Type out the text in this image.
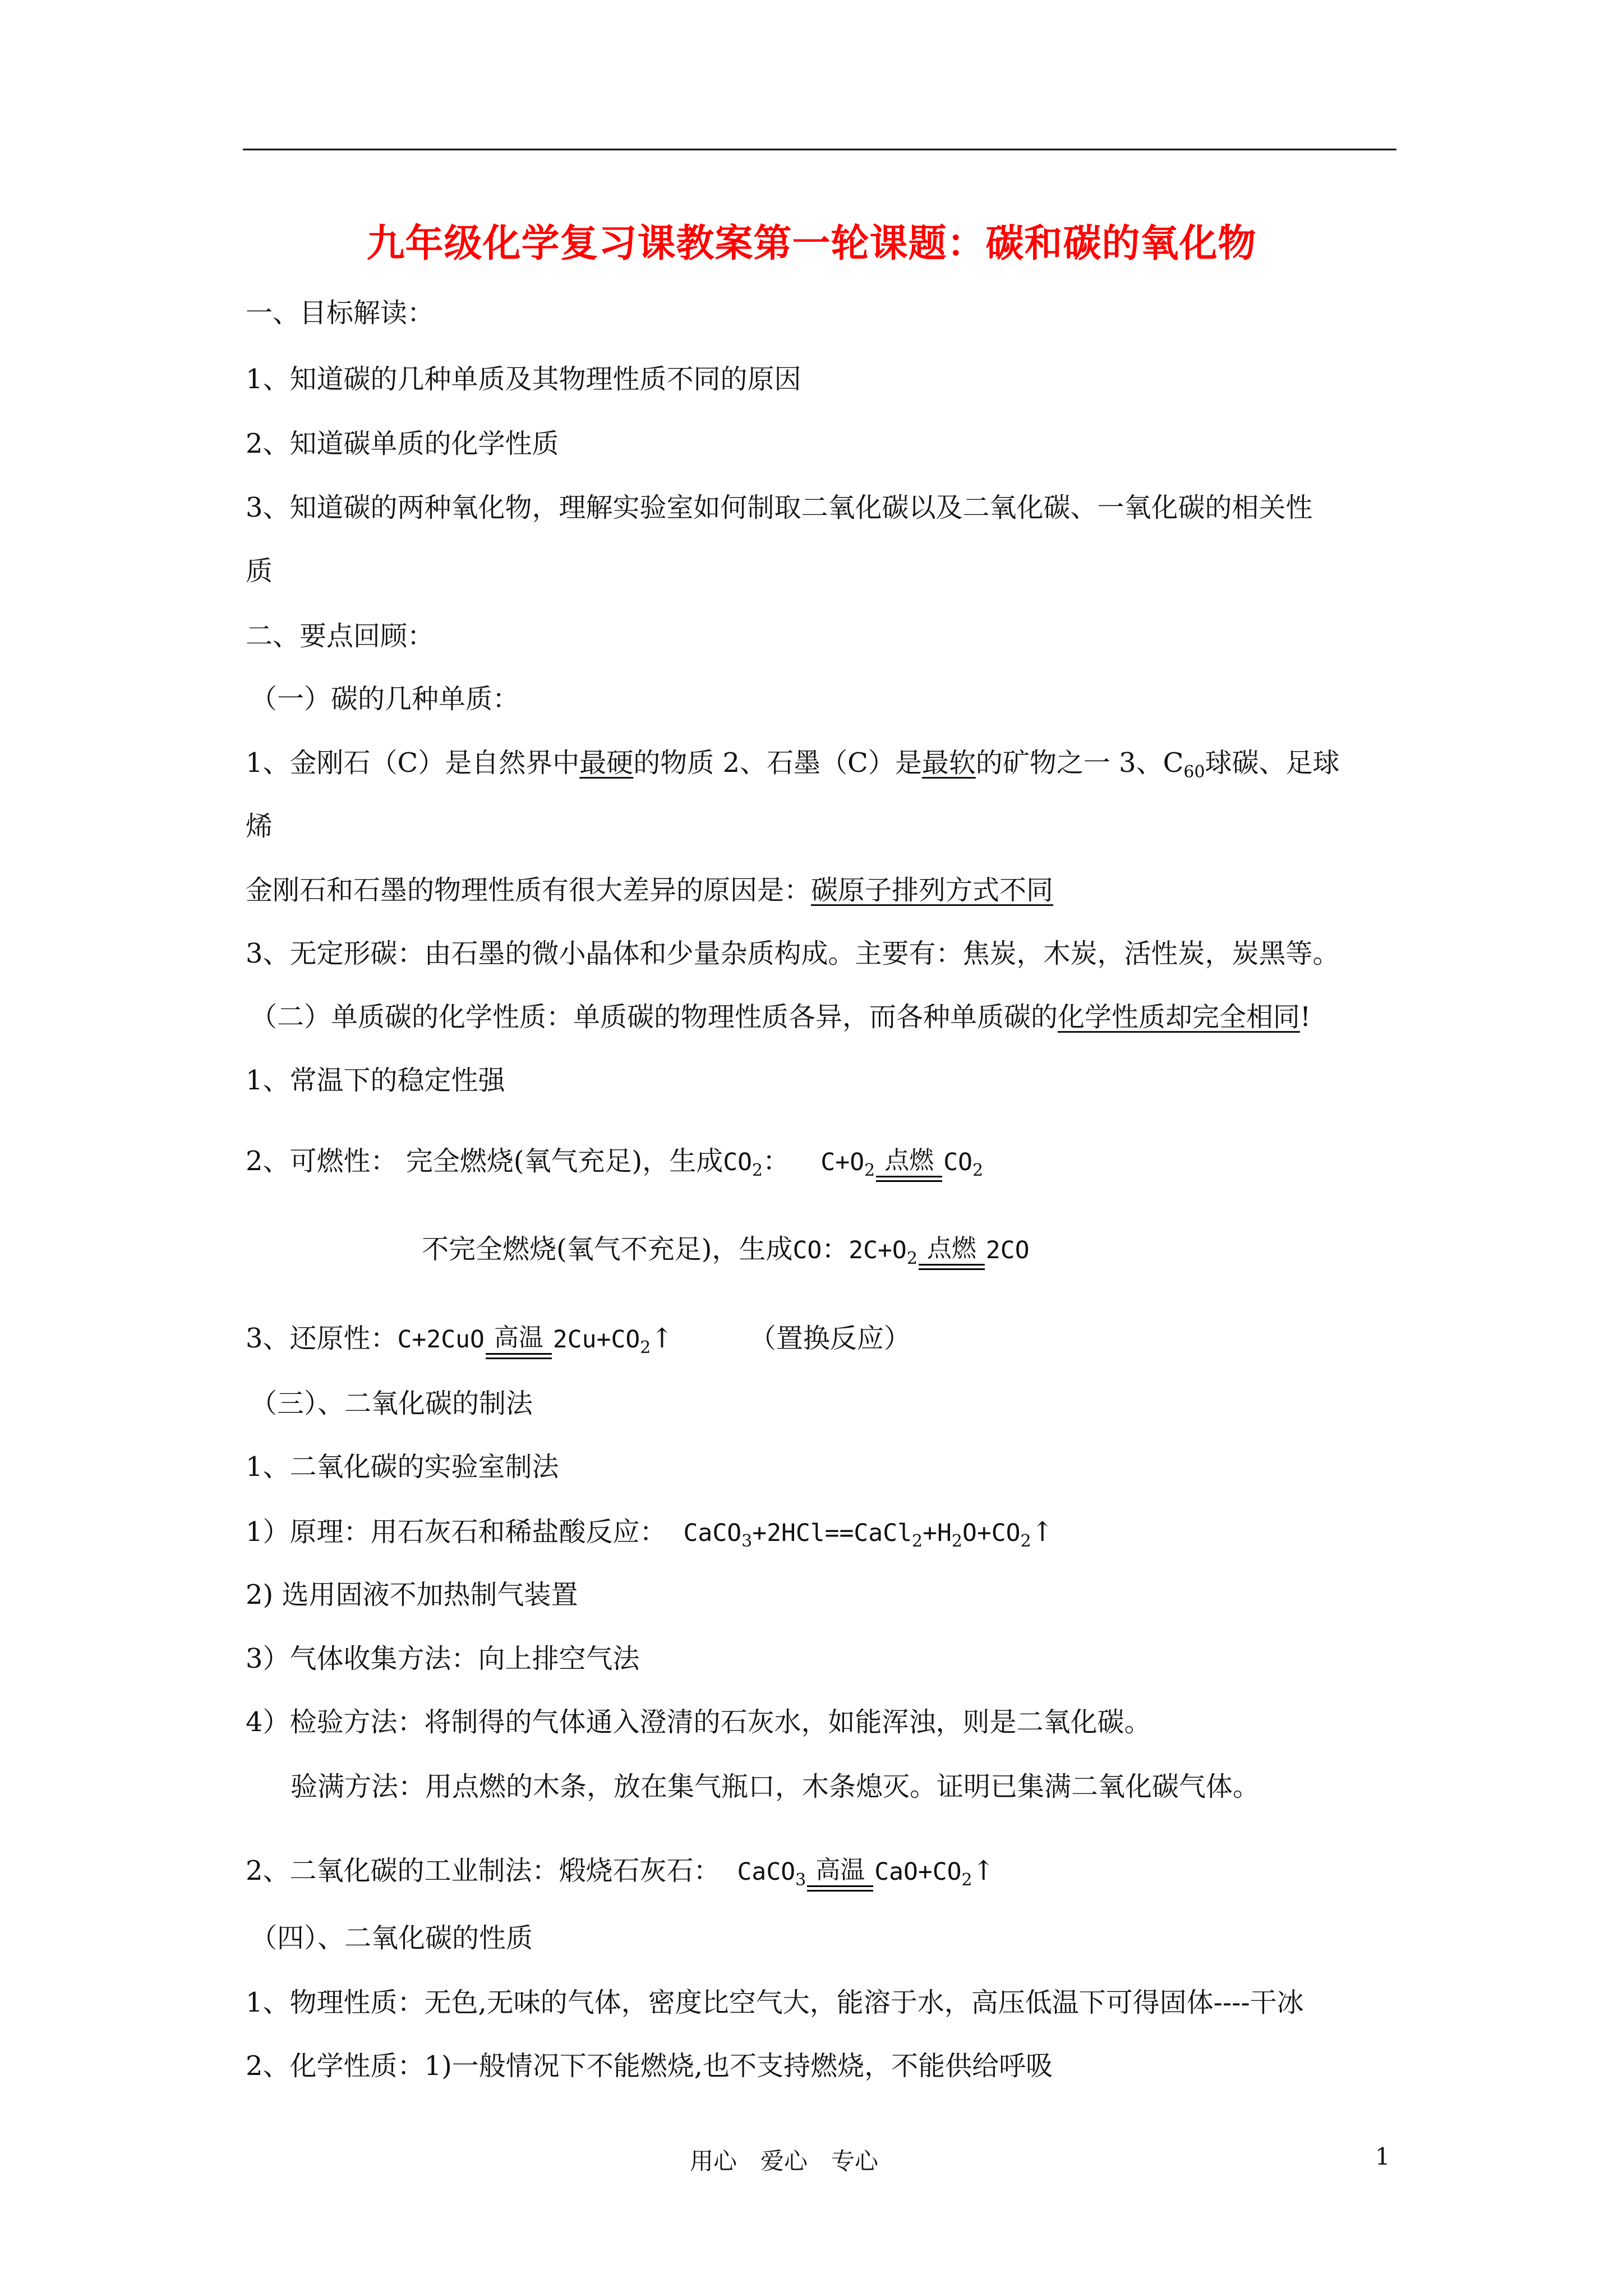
九年级化学复习课教案第一轮课题：碳和碳的氧化物
一、目标解读：
1、知道碳的几种单质及其物理性质不同的原因
2、知道碳单质的化学性质
3、知道碳的两种氧化物，理解实验室如何制取二氧化碳以及二氧化碳、一氧化碳的相关性
质
二、要点回顾：
（一）碳的几种单质：
1、金刚石（C）是自然界中最硬的物质 2、石墨（C）是最软的矿物之一 3、$C_{60}$球碳、足球
烯
金刚石和石墨的物理性质有很大差异的原因是：碳原子排列方式不同
3、无定形碳：由石墨的微小晶体和少量杂质构成。主要有：焦炭，木炭，活性炭，炭黑等。
（二）单质碳的化学性质：单质碳的物理性质各异，而各种单质碳的化学性质却完全相同!
1、常温下的稳定性强
2、可燃性： 完全燃烧(氧气充足)，生成$CO_2$： $C+O_2$ 点燃 $CO_2$
不完全燃烧(氧气不充足)，生成CO：$2C+O_2$ 点燃 2CO
3、还原性：C+2CuO 高温 $2Cu+CO_2↑$	（置换反应）
（三）、二氧化碳的制法
1、二氧化碳的实验室制法
1）原理：用石灰石和稀盐酸反应： $CaCO_3+2HCl==CaCl_2+H_2O+CO_2↑$
2) 选用固液不加热制气装置
3）气体收集方法：向上排空气法
4）检验方法：将制得的气体通入澄清的石灰水，如能浑浊，则是二氧化碳。
验满方法：用点燃的木条，放在集气瓶口，木条熄灭。证明已集满二氧化碳气体。
2、二氧化碳的工业制法：煅烧石灰石： CaCO$_3$ 高温 $CaO+CO_2↑$
（四）、二氧化碳的性质
1、物理性质：无色,无味的气体，密度比空气大，能溶于水，高压低温下可得固体----干冰
2、化学性质：1)一般情况下不能燃烧,也不支持燃烧，不能供给呼吸
用心　爱心　专心	1
